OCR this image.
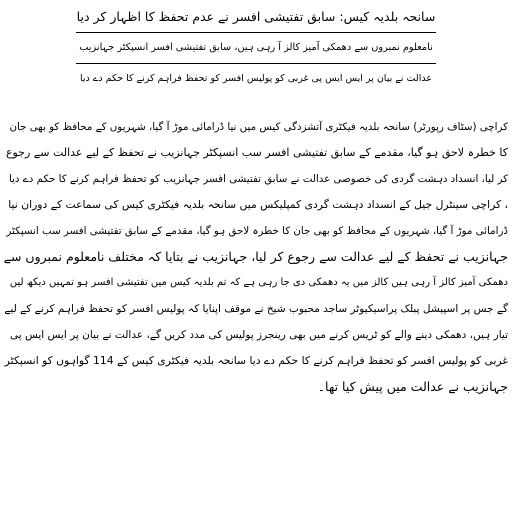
سانحہ بلدیہ کیس: سابق تفتیشی افسر نے عدم تحفظ کا اظہار کر دیا
نامعلوم نمبروں سے دھمکی آمیز کالز آ رہی ہیں، سابق تفتیشی افسر انسپکٹر جہانزیب
عدالت نے بیان پر ایس ایس پی غربی کو پولیس افسر کو تحفظ فراہم کرنے کا حکم دے دیا
کراچی (سٹاف رپورٹر) سانحہ بلدیہ فیکٹری آتشزدگی کیس میں نیا ڈرامائی موڑ آ گیا، شہریوں کے محافظ کو بھی جان
کا خطرہ لاحق ہو گیا، مقدمے کے سابق تفتیشی افسر سب انسپکٹر جہانزیب نے تحفظ کے لیے عدالت سے رجوع
کر لیا، انسداد دہشت گردی کی خصوصی عدالت نے سابق تفتیشی افسر جہانزیب کو تحفظ فراہم کرنے کا حکم دے دیا
، کراچی سینٹرل جیل کے انسداد دہشت گردی کمپلیکس میں سانحہ بلدیہ فیکٹری کیس کی سماعت کے دوران نیا
ڈرامائی موڑ آ گیا، شہریوں کے محافظ کو بھی جان کا خطرہ لاحق ہو گیا، مقدمے کے سابق تفتیشی افسر سب انسپکٹر
جہانزیب نے تحفظ کے لیے عدالت سے رجوع کر لیا، جہانزیب نے بتایا کہ مختلف نامعلوم نمبروں سے
دھمکی آمیز کالز آ رہی ہیں کالز میں یہ دھمکی دی جا رہی ہے کہ تم بلدیہ کیس میں تفتیشی افسر ہو تمہیں دیکھ لیں
گے جس پر اسپیشل پبلک پراسیکیوٹر ساجد محبوب شیخ نے موقف اپنایا کہ پولیس افسر کو تحفظ فراہم کرنے کے لیے
تیار ہیں، دھمکی دینے والے کو ٹریس کرنے میں بھی رینجرز پولیس کی مدد کریں گے، عدالت نے بیان پر ایس ایس پی
غربی کو پولیس افسر کو تحفظ فراہم کرنے کا حکم دے دیا سانحہ بلدیہ فیکٹری کیس کے 114 گواہوں کو انسپکٹر
جہانزیب نے عدالت میں پیش کیا تھا۔
